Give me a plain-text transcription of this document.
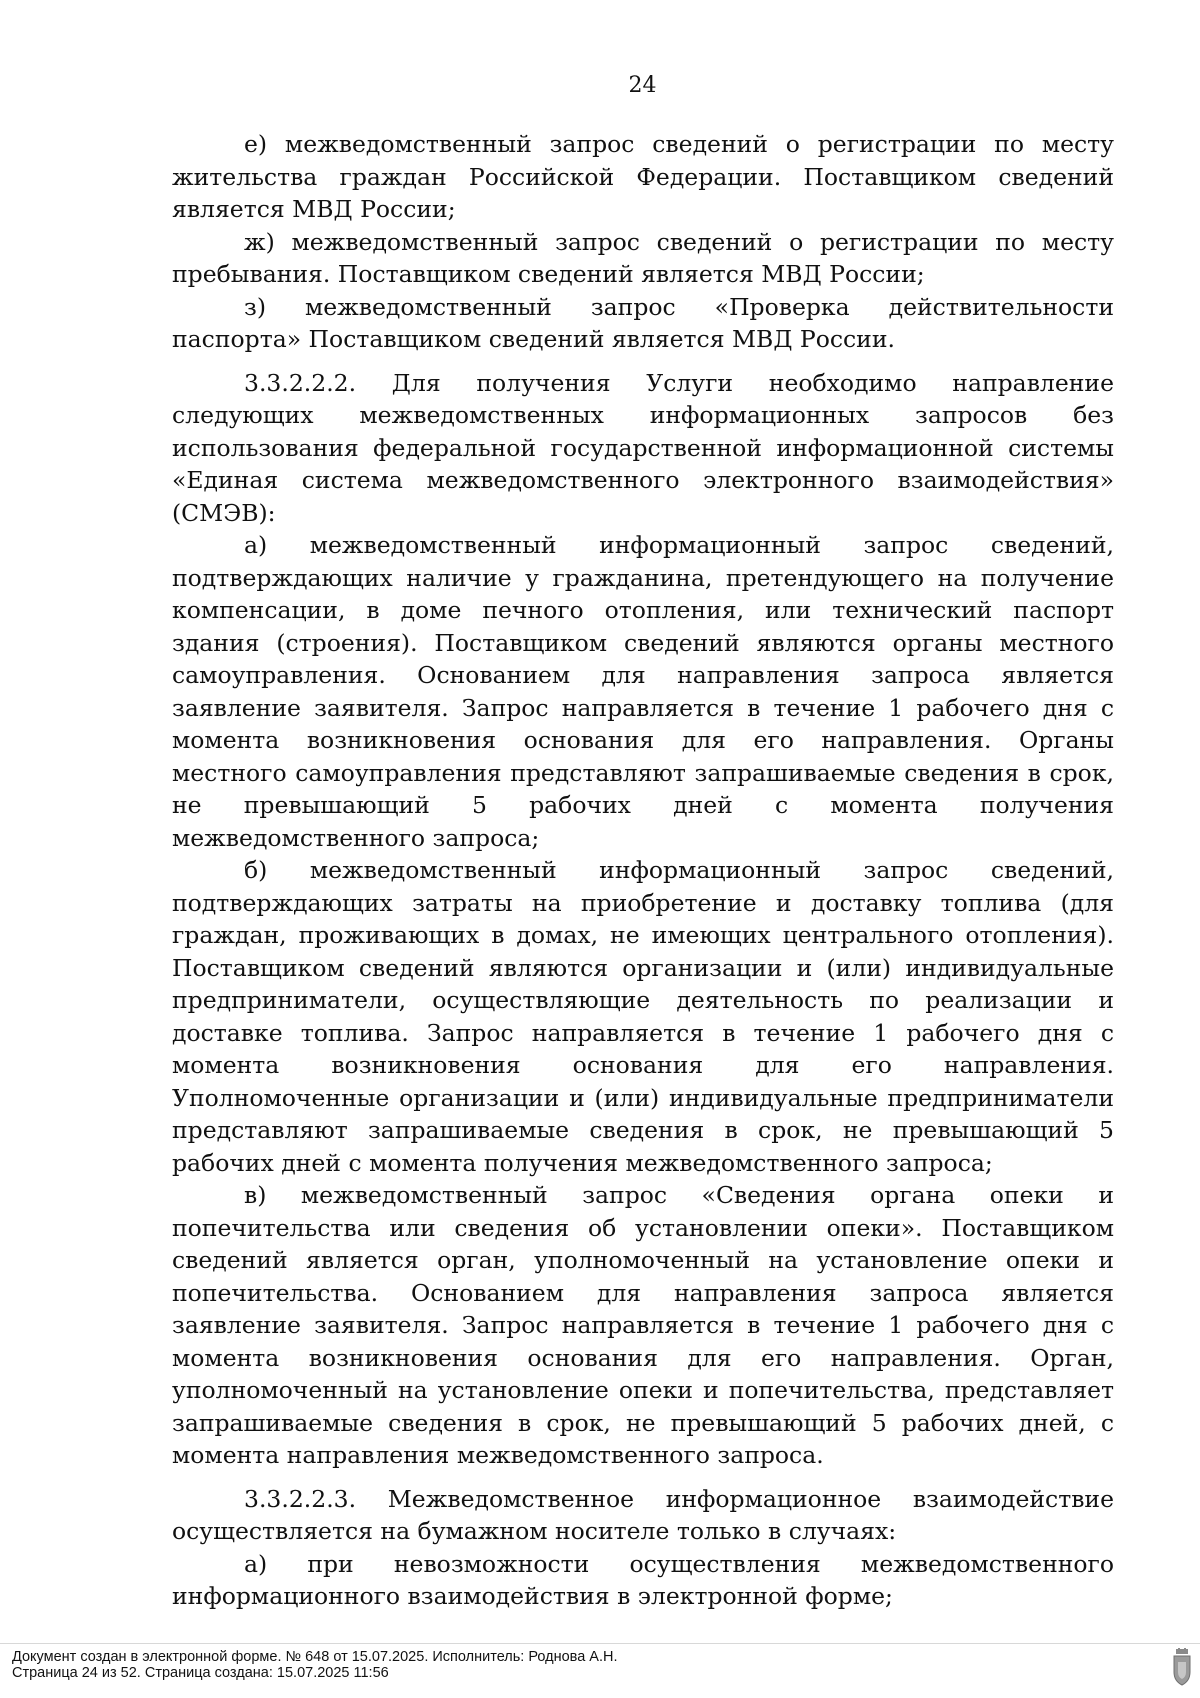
24

е) межведомственный запрос сведений о регистрации по месту жительства граждан Российской Федерации. Поставщиком сведений является МВД России;

ж) межведомственный запрос сведений о регистрации по месту пребывания. Поставщиком сведений является МВД России;

з) межведомственный запрос «Проверка действительности паспорта» Поставщиком сведений является МВД России.

3.3.2.2.2. Для получения Услуги необходимо направление следующих межведомственных информационных запросов без использования федеральной государственной информационной системы «Единая система межведомственного электронного взаимодействия» (СМЭВ):

а) межведомственный информационный запрос сведений, подтверждающих наличие у гражданина, претендующего на получение компенсации, в доме печного отопления, или технический паспорт здания (строения). Поставщиком сведений являются органы местного самоуправления. Основанием для направления запроса является заявление заявителя. Запрос направляется в течение 1 рабочего дня с момента возникновения основания для его направления. Органы местного самоуправления представляют запрашиваемые сведения в срок, не превышающий 5 рабочих дней с момента получения межведомственного запроса;

б) межведомственный информационный запрос сведений, подтверждающих затраты на приобретение и доставку топлива (для граждан, проживающих в домах, не имеющих центрального отопления). Поставщиком сведений являются организации и (или) индивидуальные предприниматели, осуществляющие деятельность по реализации и доставке топлива. Запрос направляется в течение 1 рабочего дня с момента возникновения основания для его направления. Уполномоченные организации и (или) индивидуальные предприниматели представляют запрашиваемые сведения в срок, не превышающий 5 рабочих дней с момента получения межведомственного запроса;

в) межведомственный запрос «Сведения органа опеки и попечительства или сведения об установлении опеки». Поставщиком сведений является орган, уполномоченный на установление опеки и попечительства. Основанием для направления запроса является заявление заявителя. Запрос направляется в течение 1 рабочего дня с момента возникновения основания для его направления. Орган, уполномоченный на установление опеки и попечительства, представляет запрашиваемые сведения в срок, не превышающий 5 рабочих дней, с момента направления межведомственного запроса.

3.3.2.2.3. Межведомственное информационное взаимодействие осуществляется на бумажном носителе только в случаях:

а) при невозможности осуществления межведомственного информационного взаимодействия в электронной форме;

Документ создан в электронной форме. № 648 от 15.07.2025. Исполнитель: Роднова А.Н.
Страница 24 из 52. Страница создана: 15.07.2025 11:56
